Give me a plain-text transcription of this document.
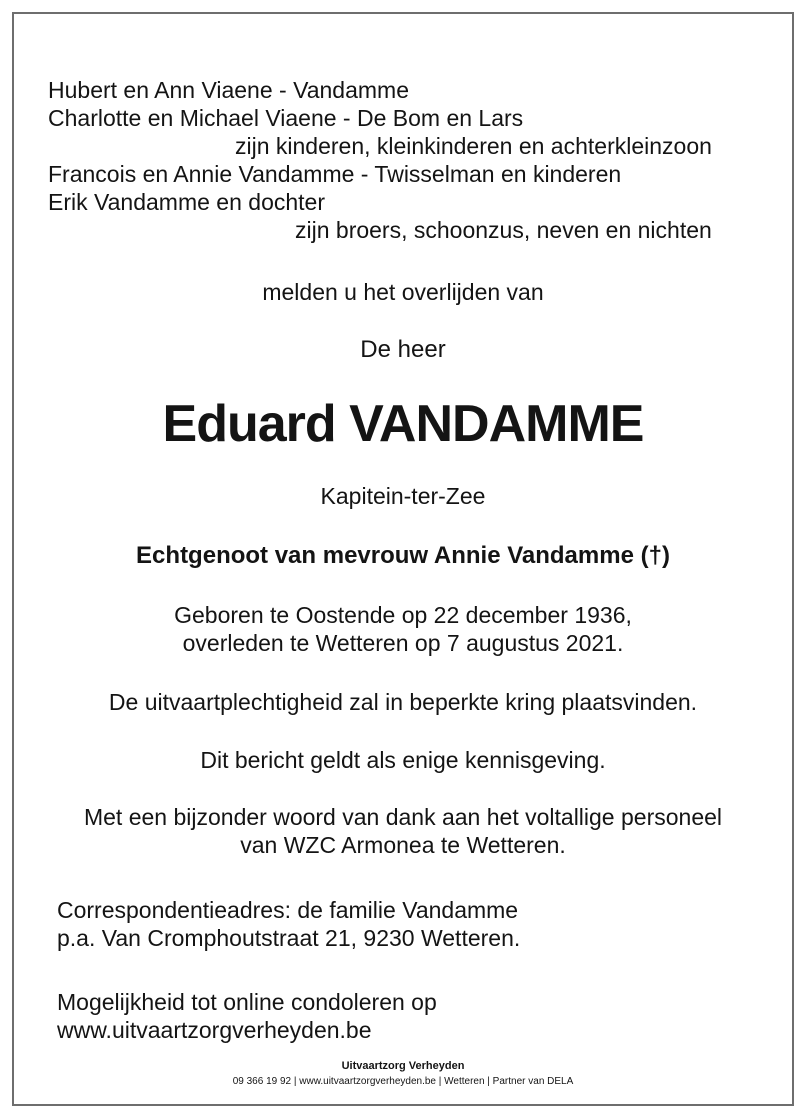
Hubert en Ann Viaene - Vandamme
Charlotte en Michael Viaene - De Bom en Lars
zijn kinderen, kleinkinderen en achterkleinzoon
Francois en Annie Vandamme - Twisselman en kinderen
Erik Vandamme en dochter
zijn broers, schoonzus, neven en nichten
melden u het overlijden van
De heer
Eduard VANDAMME
Kapitein-ter-Zee
Echtgenoot van mevrouw Annie Vandamme (†)
Geboren te Oostende op 22 december 1936,
overleden te Wetteren op 7 augustus 2021.
De uitvaartplechtigheid zal in beperkte kring plaatsvinden.
Dit bericht geldt als enige kennisgeving.
Met een bijzonder woord van dank aan het voltallige personeel
van WZC Armonea te Wetteren.
Correspondentieadres: de familie Vandamme
p.a. Van Cromphoutstraat 21, 9230 Wetteren.
Mogelijkheid tot online condoleren op
www.uitvaartzorgverheyden.be
Uitvaartzorg Verheyden
09 366 19 92 | www.uitvaartzorgverheyden.be | Wetteren | Partner van DELA
